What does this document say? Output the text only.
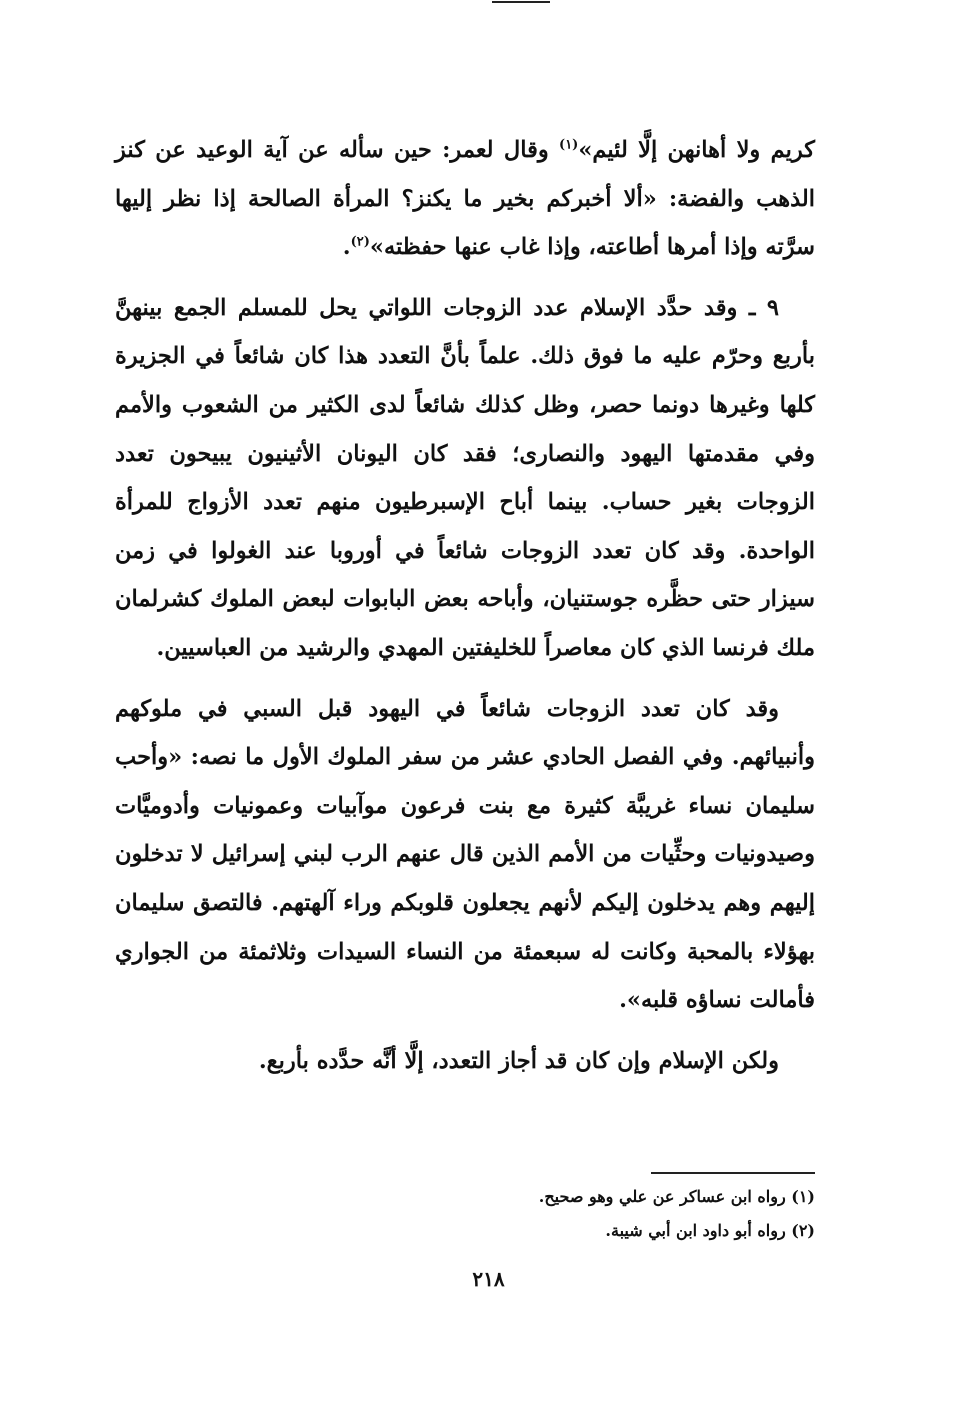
كريم ولا أهانهن إلَّا لئيم»$^{(١)}$ وقال لعمر: حين سأله عن آية الوعيد عن كنز الذهب والفضة: «ألا أخبركم بخير ما يكنز؟ المرأة الصالحة إذا نظر إليها سرَّته وإذا أمرها أطاعته، وإذا غاب عنها حفظته»$^{(٢)}$.

٩ ـ وقد حدَّد الإسلام عدد الزوجات اللواتي يحل للمسلم الجمع بينهنَّ بأربع وحرّم عليه ما فوق ذلك. علماً بأنَّ التعدد هذا كان شائعاً في الجزيرة كلها وغيرها دونما حصر، وظل كذلك شائعاً لدى الكثير من الشعوب والأمم وفي مقدمتها اليهود والنصارى؛ فقد كان اليونان الأثينيون يبيحون تعدد الزوجات بغير حساب. بينما أباح الإسبرطيون منهم تعدد الأزواج للمرأة الواحدة. وقد كان تعدد الزوجات شائعاً في أوروبا عند الغولوا في زمن سيزار حتى حظَّره جوستنيان، وأباحه بعض البابوات لبعض الملوك كشرلمان ملك فرنسا الذي كان معاصراً للخليفتين المهدي والرشيد من العباسيين.

وقد كان تعدد الزوجات شائعاً في اليهود قبل السبي في ملوكهم وأنبيائهم. وفي الفصل الحادي عشر من سفر الملوك الأول ما نصه: «وأحب سليمان نساء غريبَّة كثيرة مع بنت فرعون موآبيات وعمونيات وأدوميَّات وصيدونيات وحثِّيات من الأمم الذين قال عنهم الرب لبني إسرائيل لا تدخلون إليهم وهم يدخلون إليكم لأنهم يجعلون قلوبكم وراء آلهتهم. فالتصق سليمان بهؤلاء بالمحبة وكانت له سبعمئة من النساء السيدات وثلاثمئة من الجواري فأمالت نساؤه قلبه».

ولكن الإسلام وإن كان قد أجاز التعدد، إلَّا أنَّه حدَّده بأربع.

(١) رواه ابن عساكر عن علي وهو صحيح.

(٢) رواه أبو داود ابن أبي شيبة.

٢١٨
